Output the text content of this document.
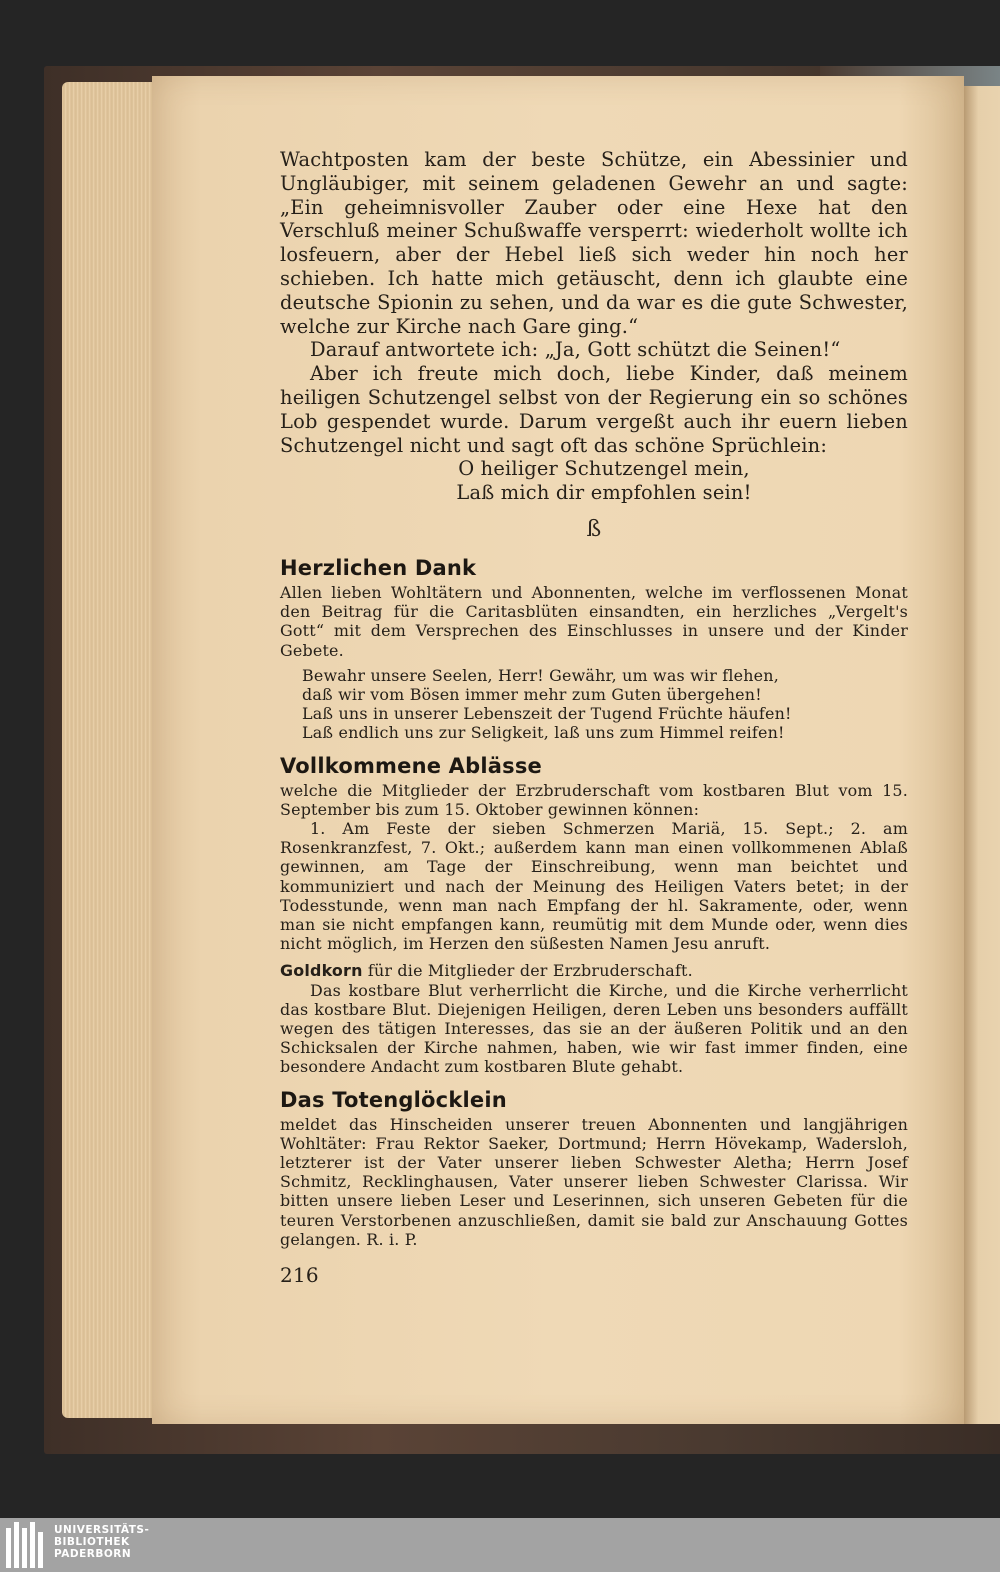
Wachtposten kam der beste Schütze, ein Abessinier und Ungläubiger, mit seinem geladenen Gewehr an und sagte: „Ein geheimnisvoller Zauber oder eine Hexe hat den Verschluß meiner Schußwaffe versperrt: wiederholt wollte ich losfeuern, aber der Hebel ließ sich weder hin noch her schieben. Ich hatte mich getäuscht, denn ich glaubte eine deutsche Spionin zu sehen, und da war es die gute Schwester, welche zur Kirche nach Gare ging.“

Darauf antwortete ich: „Ja, Gott schützt die Seinen!“

Aber ich freute mich doch, liebe Kinder, daß meinem heiligen Schutzengel selbst von der Regierung ein so schönes Lob gespendet wurde. Darum vergeßt auch ihr euern lieben Schutzengel nicht und sagt oft das schöne Sprüchlein:

O heiliger Schutzengel mein,
Laß mich dir empfohlen sein!
ß
Herzlichen Dank

Allen lieben Wohltätern und Abonnenten, welche im verflossenen Monat den Beitrag für die Caritasblüten einsandten, ein herzliches „Vergelt's Gott“ mit dem Versprechen des Einschlusses in unsere und der Kinder Gebete.

Bewahr unsere Seelen, Herr! Gewähr, um was wir flehen,
daß wir vom Bösen immer mehr zum Guten übergehen!
Laß uns in unserer Lebenszeit der Tugend Früchte häufen!
Laß endlich uns zur Seligkeit, laß uns zum Himmel reifen!
Vollkommene Ablässe

welche die Mitglieder der Erzbruderschaft vom kostbaren Blut vom 15. September bis zum 15. Oktober gewinnen können:

1. Am Feste der sieben Schmerzen Mariä, 15. Sept.; 2. am Rosenkranzfest, 7. Okt.; außerdem kann man einen vollkommenen Ablaß gewinnen, am Tage der Einschreibung, wenn man beichtet und kommuniziert und nach der Meinung des Heiligen Vaters betet; in der Todesstunde, wenn man nach Empfang der hl. Sakramente, oder, wenn man sie nicht empfangen kann, reumütig mit dem Munde oder, wenn dies nicht möglich, im Herzen den süßesten Namen Jesu anruft.

Goldkorn für die Mitglieder der Erzbruderschaft.

Das kostbare Blut verherrlicht die Kirche, und die Kirche verherrlicht das kostbare Blut. Diejenigen Heiligen, deren Leben uns besonders auffällt wegen des tätigen Interesses, das sie an der äußeren Politik und an den Schicksalen der Kirche nahmen, haben, wie wir fast immer finden, eine besondere Andacht zum kostbaren Blute gehabt.

Das Totenglöcklein

meldet das Hinscheiden unserer treuen Abonnenten und langjährigen Wohltäter: Frau Rektor Saeker, Dortmund; Herrn Hövekamp, Wadersloh, letzterer ist der Vater unserer lieben Schwester Aletha; Herrn Josef Schmitz, Recklinghausen, Vater unserer lieben Schwester Clarissa. Wir bitten unsere lieben Leser und Leserinnen, sich unseren Gebeten für die teuren Verstorbenen anzuschließen, damit sie bald zur Anschauung Gottes gelangen. R. i. P.

216
UNIVERSITÄTS-
BIBLIOTHEK
PADERBORN
